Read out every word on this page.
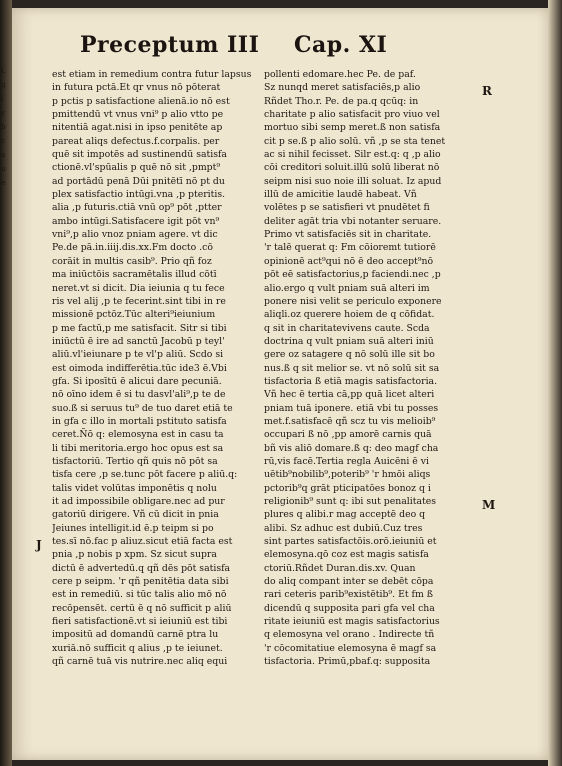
L
g
i
y
b
c
a
u
e
Preceptum III Cap. XI
est etiam in remedium contra futur lapsus
in futura pctā.Et qr vnus nō pōterat
p pctis p satisfactione alienā.io nō est
pmittendū vt vnus vni⁹ p alio vtto pe
nitentiā agat.nisi in ipso penitēte ap
pareat aliqs defectus.f.corpalis. per
quē sit impotēs ad sustinendū satisfa
ctionē.vl'spūalis p quē nō sit ,pmpt⁹
ad portādū penā Dūi pnitētī nō pt du
plex satisfactio intūgi.vna ,p pteritis.
alia ,p futuris.ctiā vnū op⁹ pōt ,ptter
ambo intūgi.Satisfacere igit pōt vn⁹
vni⁹,p alio vnoz pniam agere. vt dic
Pe.de pā.in.iiij.dis.xx.Fm docto .cō
corāit in multis casib⁹. Prio qñ foz
ma iniūctōis sacramētalis illud cōtī
neret.vt si dicit. Dia ieiunia q tu fece
ris vel alij ,p te fecerint.sint tibi in re
missionē pctōz.Tūc alteri⁹ieiunium
p me factū,p me satisfacit. Sitr si tibi
iniūctū ē ire ad sanctū Jacobū p teyl'
aliū.vl'ieiunare p te vl'p aliū. Scdo si
est oimoda indifferētia.tūc ide3 ē.Vbi
gfa. Si iposītū ē alicui dare pecuniā.
nō oīno idem ē si tu dasvl'ali⁹,p te de
suo.ß si seruus tu⁹ de tuo daret etiā te
in gfa c illo in mortali pstituto satisfa
ceret.Ñō q: elemosyna est in casu ta
li tibi meritoria.ergo hoc opus est sa
tisfactoriū. Tertio qñ quis nō pōt sa
tisfa cere ,p se.tunc pōt facere p aliū.q:
talis videt volūtas imponētis q nolu
it ad impossibile obligare.nec ad pur
gatoriū dirigere. Vñ cū dicit in pnia
Jeiunes intelligit.id ē.p teipm si po
tes.sī nō.fac p aliuz.sicut etiā facta est
pnia ,p nobis p xpm. Sz sicut supra
dictū ē advertedū.q qñ dēs pōt satisfa
cere p seipm. 'r qñ penitētia data sibi
est in remediū. si tūc talis alio mō nō
recōpensēt. certū ē q nō sufficit p aliū
fieri satisfactionē.vt si ieiuniū est tibi
impositū ad domandū carnē ptra lu
xuriā.nō sufficit q alius ,p te ieiunet.
qñ carnē tuā vis nutrire.nec aliq equi
pollenti edomare.hec Pe. de paf.
Sz nunqd meret satisfaciēs,p alio
Rñdet Tho.r. Pe. de pa.q qcūq: in
charitate p alio satisfacit pro viuo vel
mortuo sibi semp meret.ß non satisfa
cit p se.ß p alio solū. vñ ,p se sta tenet
ac si nihil fecisset. Silr est.q: q ,p alio
cōi creditori soluit.illū solū liberat nō
seipm nisi suo noie illi soluat. Iz apud
illū de amicitie laudē habeat. Vñ
volētes p se satisfieri vt pnudētet fi
deliter agāt tria vbi notanter seruare.
Primo vt satisfaciēs sit in charitate.
'r talē querat q: Fm cōioremt tutiorē
opinionē act⁹qui nō ē deo accept⁹nō
pōt eē satisfactorius,p faciendi.nec ,p
alio.ergo q vult pniam suā alteri im
ponere nisi velit se periculo exponere
aliqli.oz querere hoiem de q cōfidat.
q sit in charitatevivens caute. Scda
doctrina q vult pniam suā alteri iniū
gere oz satagere q nō solū ille sit bo
nus.ß q sit melior se. vt nō solū sit sa
tisfactoria ß etiā magis satisfactoria.
Vñ hec ē tertia cā,pp quā licet alteri
pniam tuā iponere. etiā vbi tu posses
met.f.satisfacē qñ scz tu vis melioib⁹
occupari ß nō ,pp amorē carnis quā
bñ vis aliō domare.ß q: deo magf cha
rū,vis facē.Tertia regla Auicēni ē vi
uētib⁹nobilib⁹,poterib⁹ 'r hmōi aliqs
pctorib⁹q grāt pticipatōes bonoz q i
religionib⁹ sunt q: ibi sut penalitates
plures q alibi.r mag acceptē deo q
alibi. Sz adhuc est dubiū.Cuz tres
sint partes satisfactōis.orō.ieiuniū et
elemosyna.qō coz est magis satisfa
ctoriū.Rñdet Duran.dis.xv. Quan
do aliq compant inter se debēt cōpa
rari ceteris parib⁹existētib⁹. Et fm ß
dicendū q supposita pari gfa vel cha
ritate ieiuniū est magis satisfactorius
q elemosyna vel orano . Indirecte tñ
'r cōcomitatiue elemosyna ē magf sa
tisfactoria. Primū,pbaf.q: supposita
R
J
M
